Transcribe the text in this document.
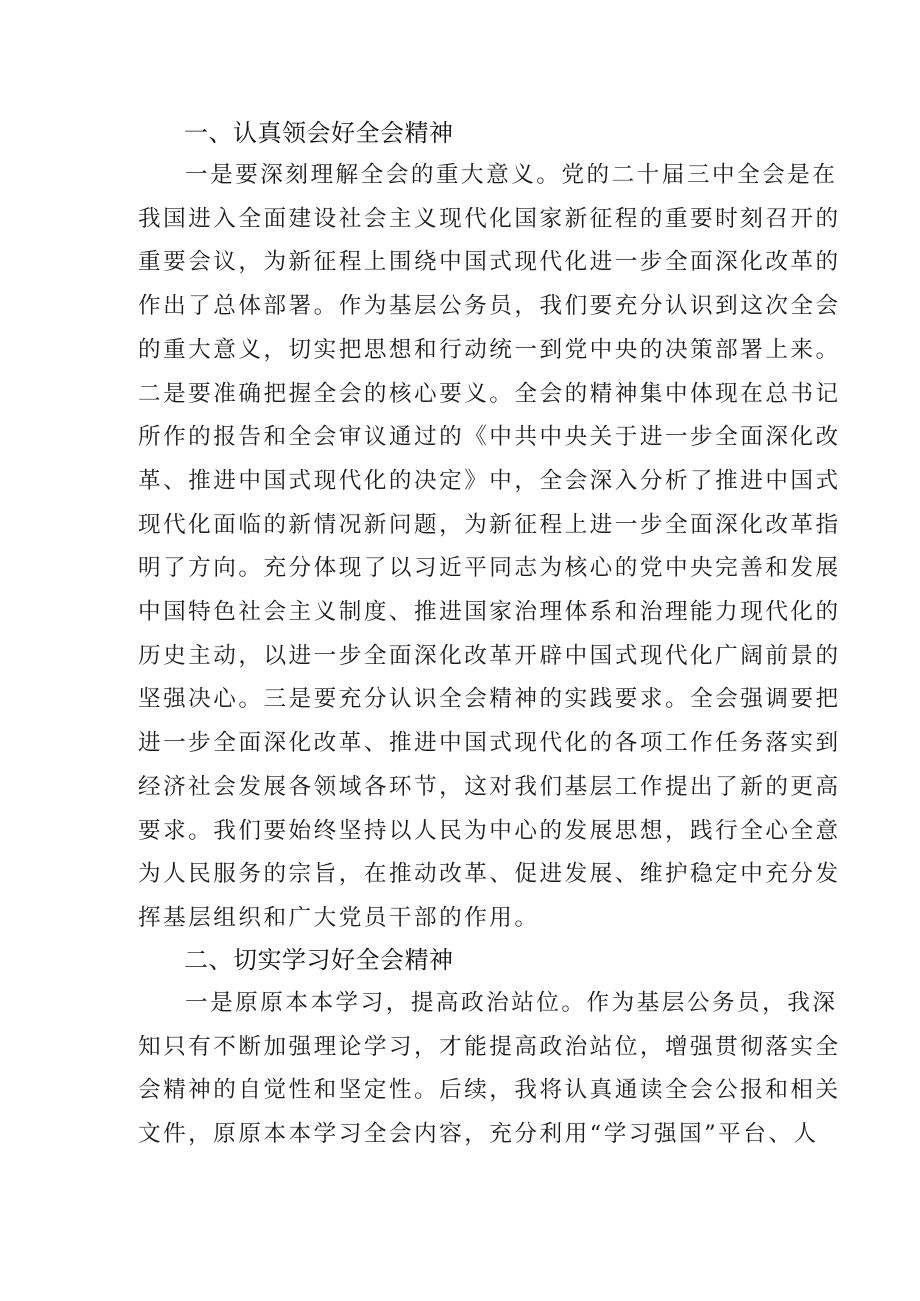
一、认真领会好全会精神
一是要深刻理解全会的重大意义。党的二十届三中全会是在
我国进入全面建设社会主义现代化国家新征程的重要时刻召开的
重要会议，为新征程上围绕中国式现代化进一步全面深化改革的
作出了总体部署。作为基层公务员，我们要充分认识到这次全会
的重大意义，切实把思想和行动统一到党中央的决策部署上来。
二是要准确把握全会的核心要义。全会的精神集中体现在总书记
所作的报告和全会审议通过的《中共中央关于进一步全面深化改
革、推进中国式现代化的决定》中，全会深入分析了推进中国式
现代化面临的新情况新问题，为新征程上进一步全面深化改革指
明了方向。充分体现了以习近平同志为核心的党中央完善和发展
中国特色社会主义制度、推进国家治理体系和治理能力现代化的
历史主动，以进一步全面深化改革开辟中国式现代化广阔前景的
坚强决心。三是要充分认识全会精神的实践要求。全会强调要把
进一步全面深化改革、推进中国式现代化的各项工作任务落实到
经济社会发展各领域各环节，这对我们基层工作提出了新的更高
要求。我们要始终坚持以人民为中心的发展思想，践行全心全意
为人民服务的宗旨，在推动改革、促进发展、维护稳定中充分发
挥基层组织和广大党员干部的作用。
二、切实学习好全会精神
一是原原本本学习，提高政治站位。作为基层公务员，我深
知只有不断加强理论学习，才能提高政治站位，增强贯彻落实全
会精神的自觉性和坚定性。后续，我将认真通读全会公报和相关
文件，原原本本学习全会内容，充分利用“学习强国”平台、人
